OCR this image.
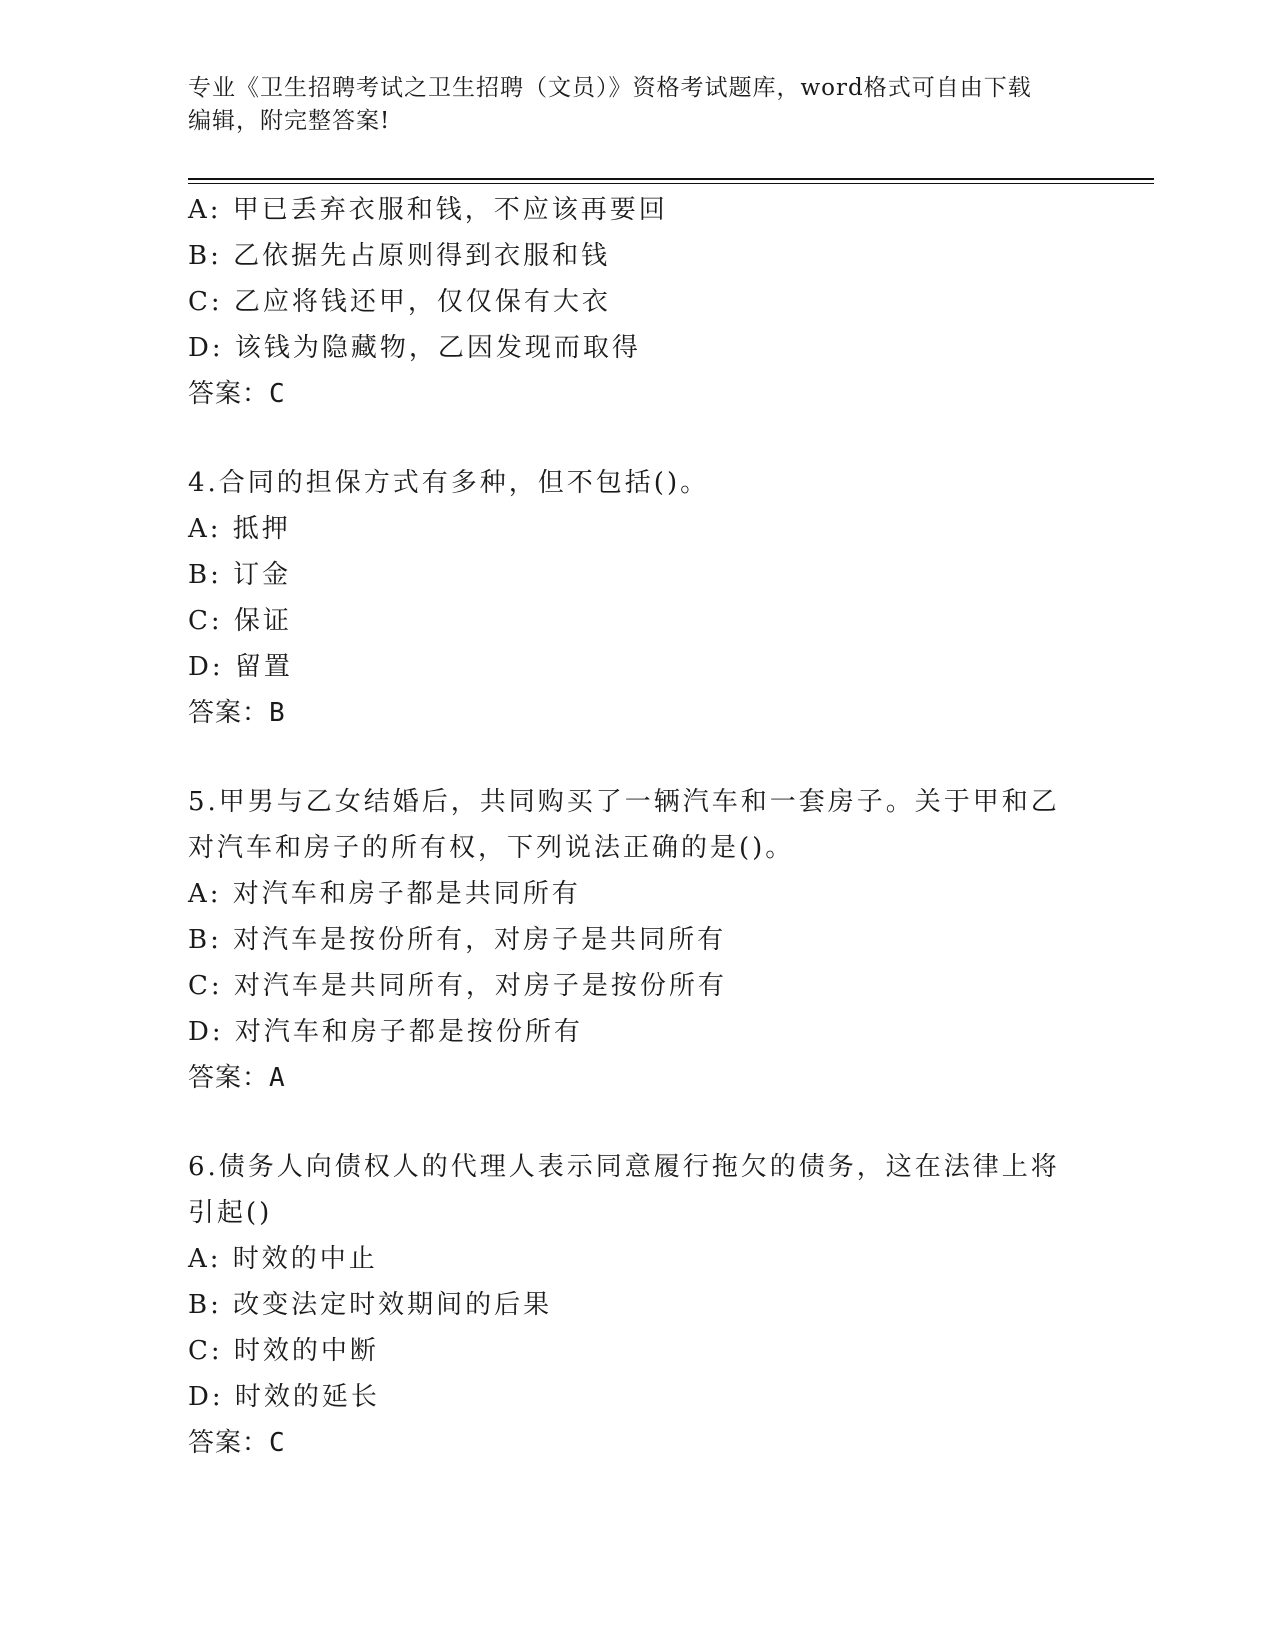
专业《卫生招聘考试之卫生招聘（文员）》资格考试题库，word格式可自由下载
编辑，附完整答案!
A: 甲已丢弃衣服和钱，不应该再要回
B: 乙依据先占原则得到衣服和钱
C: 乙应将钱还甲，仅仅保有大衣
D: 该钱为隐藏物，乙因发现而取得
答案：C
4.合同的担保方式有多种，但不包括()。
A: 抵押
B: 订金
C: 保证
D: 留置
答案：B
5.甲男与乙女结婚后，共同购买了一辆汽车和一套房子。关于甲和乙
对汽车和房子的所有权，下列说法正确的是()。
A: 对汽车和房子都是共同所有
B: 对汽车是按份所有，对房子是共同所有
C: 对汽车是共同所有，对房子是按份所有
D: 对汽车和房子都是按份所有
答案：A
6.债务人向债权人的代理人表示同意履行拖欠的债务，这在法律上将
引起()
A: 时效的中止
B: 改变法定时效期间的后果
C: 时效的中断
D: 时效的延长
答案：C
